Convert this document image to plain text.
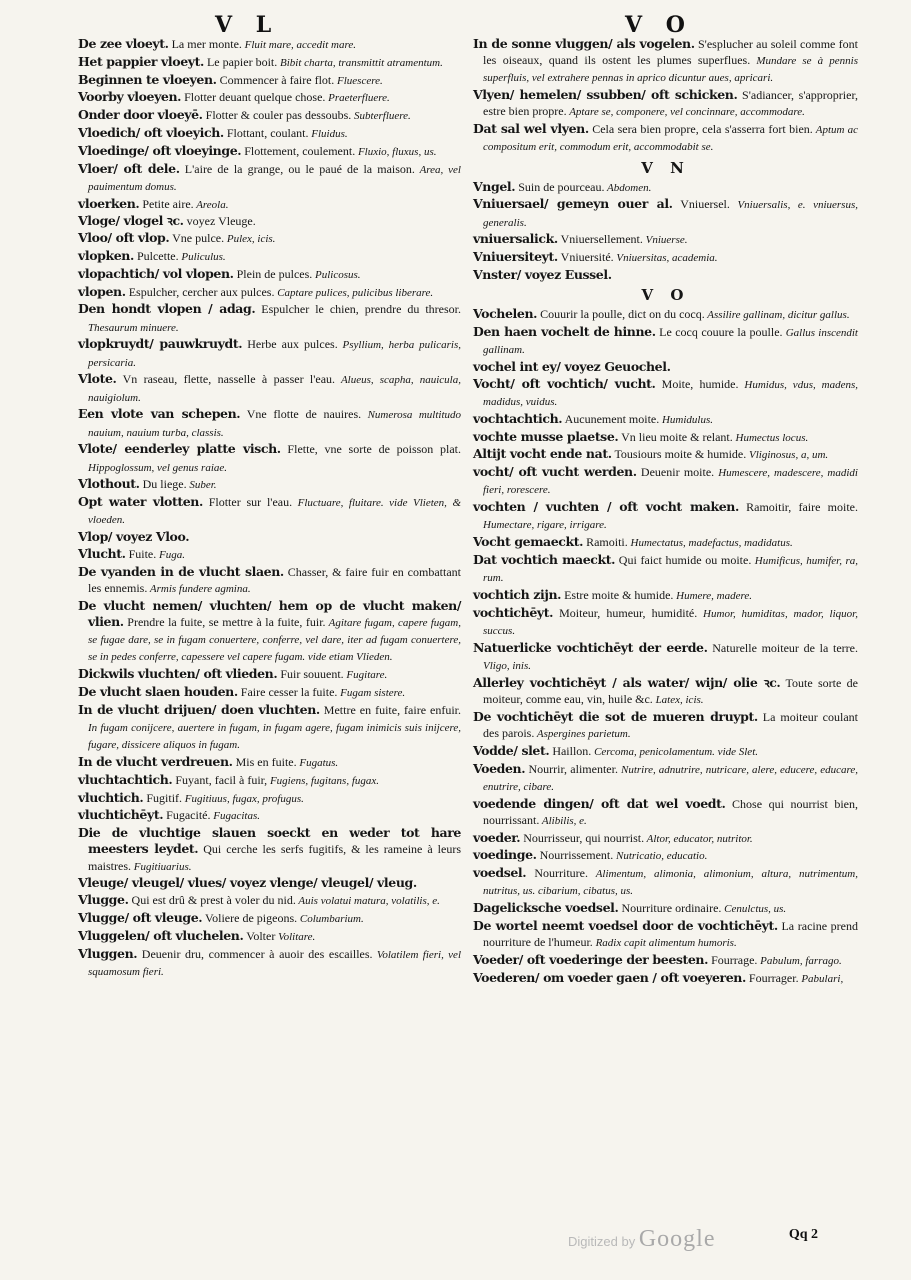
V L	V O
De zee vloeyt. La mer monte. Fluit mare, accedit mare.
Het pappier vloeyt. Le papier boit. Bibit charta, transmittit atramentum.
Beginnen te vloeyen. Commencer à faire flot. Fluescere.
Voorby vloeyen. Flotter deuant quelque chose. Praeterfluere.
Onder door vloeyē. Flotter & couler pas dessoubs. Subterfluere.
Vloedich/ oft vloeyich. Flottant, coulant. Fluidus.
Vloedinge/ oft vloeyinge. Flottement, coulement. Fluxio, fluxus, us.
Vloer/ oft dele. L'aire de la grange, ou le paué de la maison. Area, vel pauimentum domus.
vloerken. Petite aire. Areola.
Vloge/ vlogel ꝛc. voyez Vleuge.
Vloo/ oft vlop. Vne pulce. Pulex, icis.
vlopken. Pulcette. Puliculus.
vlopachtich/ vol vlopen. Plein de pulces. Pulicosus.
vlopen. Espulcher, cercher aux pulces. Captare pulices, pulicibus liberare.
Den hondt vlopen / adag. Espulcher le chien, prendre du thresor. Thesaurum minuere.
vlopkruydt/ pauwkruydt. Herbe aux pulces. Psyllium, herba pulicaris, persicaria.
Vlote. Vn raseau, flette, nasselle à passer l'eau. Alueus, scapha, nauicula, nauigiolum.
Een vlote van schepen. Vne flotte de nauires. Numerosa multitudo nauium, nauium turba, classis.
Vlote/ eenderley platte visch. Flette, vne sorte de poisson plat. Hippoglossum, vel genus raiae.
Vlothout. Du liege. Suber.
Opt water vlotten. Flotter sur l'eau. Fluctuare, fluitare. vide Vlieten, & vloeden.
Vlop/ voyez Vloo.
Vlucht. Fuite. Fuga.
De vyanden in de vlucht slaen. Chasser, & faire fuir en combattant les ennemis. Armis fundere agmina.
De vlucht nemen/ vluchten/ hem op de vlucht maken/ vlien. Prendre la fuite, se mettre à la fuite, fuir. Agitare fugam, capere fugam, se fugae dare, se in fugam conuertere, conferre, vel dare, iter ad fugam conuertere, se in pedes conferre, capessere vel capere fugam. vide etiam Vlieden.
Dickwils vluchten/ oft vlieden. Fuir souuent. Fugitare.
De vlucht slaen houden. Faire cesser la fuite. Fugam sistere.
In de vlucht drijuen/ doen vluchten. Mettre en fuite, faire enfuir. In fugam conijcere, auertere in fugam, in fugam agere, fugam inimicis suis inijcere, fugare, dissicere aliquos in fugam.
In de vlucht verdreuen. Mis en fuite. Fugatus.
vluchtachtich. Fuyant, facil à fuir, Fugiens, fugitans, fugax.
vluchtich. Fugitif. Fugitiuus, fugax, profugus.
vluchtichēyt. Fugacité. Fugacitas.
Die de vluchtige slauen soeckt en weder tot hare meesters leydet. Qui cerche les serfs fugitifs, & les rameine à leurs maistres. Fugitiuarius.
Vleuge/ vleugel/ vlues/ voyez vlenge/ vleugel/ vleug.
Vlugge. Qui est drû & prest à voler du nid. Auis volatui matura, volatilis, e.
Vlugge/ oft vleuge. Voliere de pigeons. Columbarium.
Vluggelen/ oft vluchelen. Volter Volitare.
Vluggen. Deuenir dru, commencer à auoir des escailles. Volatilem fieri, vel squamosum fieri.
In de sonne vluggen/ als vogelen. S'esplucher au soleil comme font les oiseaux, quand ils ostent les plumes superflues. Mundare se à pennis superfluis, vel extrahere pennas in aprico dicuntur aues, apricari.
Vlyen/ hemelen/ ssubben/ oft schicken. S'adiancer, s'approprier, estre bien propre. Aptare se, componere, vel concinnare, accommodare.
Dat sal wel vlyen. Cela sera bien propre, cela s'asserra fort bien. Aptum ac compositum erit, commodum erit, accommodabit se.
V N
Vngel. Suin de pourceau. Abdomen.
Vniuersael/ gemeyn ouer al. Vniuersel. Vniuersalis, e. vniuersus, generalis.
vniuersalick. Vniuersellement. Vniuerse.
Vniuersiteyt. Vniuersité. Vniuersitas, academia.
Vnster/ voyez Eussel.
V O
Vochelen. Couurir la poulle, dict on du cocq. Assilire gallinam, dicitur gallus.
Den haen vochelt de hinne. Le cocq couure la poulle. Gallus inscendit gallinam.
vochel int ey/ voyez Geuochel.
Vocht/ oft vochtich/ vucht. Moite, humide. Humidus, vdus, madens, madidus, vuidus.
vochtachtich. Aucunement moite. Humidulus.
vochte musse plaetse. Vn lieu moite & relant. Humectus locus.
Altijt vocht ende nat. Tousiours moite & humide. Vliginosus, a, um.
vocht/ oft vucht werden. Deuenir moite. Humescere, madescere, madidi fieri, rorescere.
vochten / vuchten / oft vocht maken. Ramoitir, faire moite. Humectare, rigare, irrigare.
Vocht gemaeckt. Ramoiti. Humectatus, madefactus, madidatus.
Dat vochtich maeckt. Qui faict humide ou moite. Humificus, humifer, ra, rum.
vochtich zijn. Estre moite & humide. Humere, madere.
vochtichēyt. Moiteur, humeur, humidité. Humor, humiditas, mador, liquor, succus.
Natuerlicke vochtichēyt der eerde. Naturelle moiteur de la terre. Vligo, inis.
Allerley vochtichēyt / als water/ wijn/ olie ꝛc. Toute sorte de moiteur, comme eau, vin, huile &c. Latex, icis.
De vochtichēyt die sot de mueren druypt. La moiteur coulant des parois. Aspergines parietum.
Vodde/ slet. Haillon. Cercoma, penicolamentum. vide Slet.
Voeden. Nourrir, alimenter. Nutrire, adnutrire, nutricare, alere, educere, educare, enutrire, cibare.
voedende dingen/ oft dat wel voedt. Chose qui nourrist bien, nourrissant. Alibilis, e.
voeder. Nourrisseur, qui nourrist. Altor, educator, nutritor.
voedinge. Nourrissement. Nutricatio, educatio.
voedsel. Nourriture. Alimentum, alimonia, alimonium, altura, nutrimentum, nutritus, us. cibarium, cibatus, us.
Dagelicksche voedsel. Nourriture ordinaire. Cenulctus, us.
De wortel neemt voedsel door de vochtichēyt. La racine prend nourriture de l'humeur. Radix capit alimentum humoris.
Voeder/ oft voederinge der beesten. Fourrage. Pabulum, farrago.
Voederen/ om voeder gaen / oft voeyeren. Fourrager. Pabulari,
Digitized by Google	Qq 2
